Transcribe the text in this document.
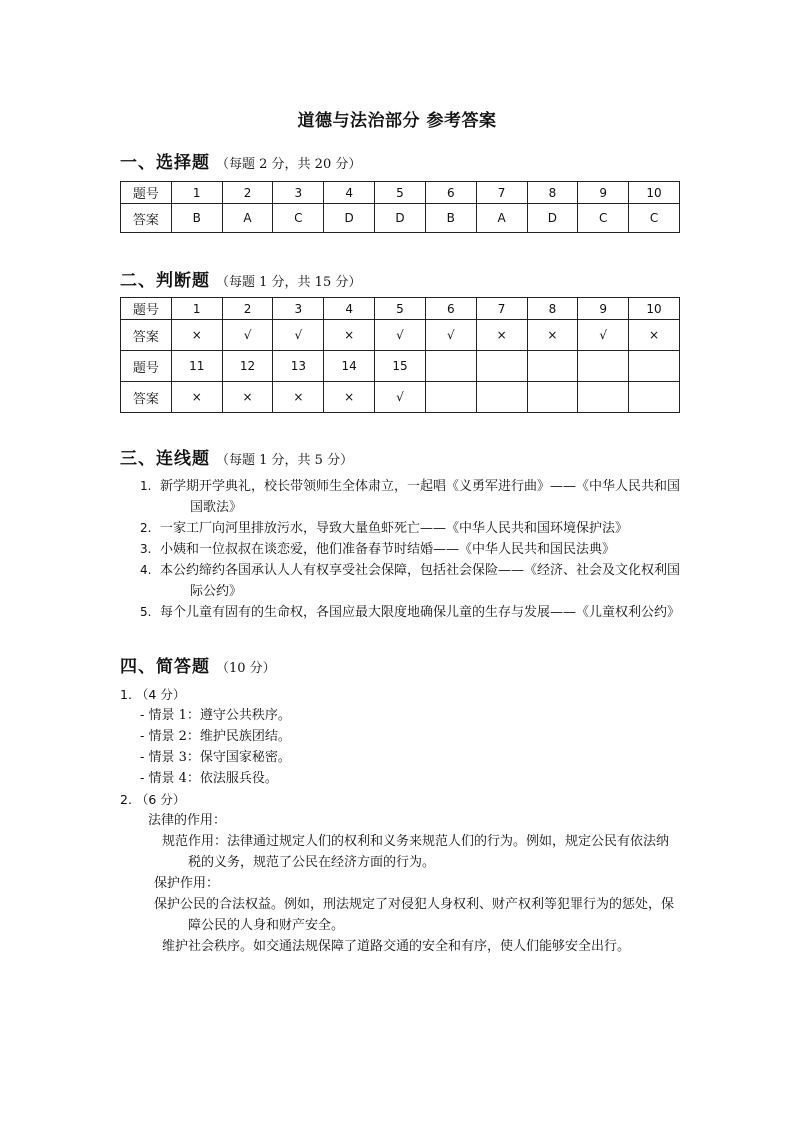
道德与法治部分 参考答案
一、选择题 （每题 2 分，共 20 分）
题号	1	2	3	4	5	6	7	8	9	10
答案	B	A	C	D	D	B	A	D	C	C
二、判断题 （每题 1 分，共 15 分）
题号	1	2	3	4	5	6	7	8	9	10
答案	×	√	√	×	√	√	×	×	√	×
题号	11	12	13	14	15					
答案	×	×	×	×	√					
三、连线题 （每题 1 分，共 5 分）
1. 新学期开学典礼，校长带领师生全体肃立，一起唱《义勇军进行曲》——《中华人民共和国国歌法》
2. 一家工厂向河里排放污水，导致大量鱼虾死亡——《中华人民共和国环境保护法》
3. 小姨和一位叔叔在谈恋爱，他们准备春节时结婚——《中华人民共和国民法典》
4. 本公约缔约各国承认人人有权享受社会保障，包括社会保险——《经济、社会及文化权利国际公约》
5. 每个儿童有固有的生命权，各国应最大限度地确保儿童的生存与发展——《儿童权利公约》
四、简答题 （10 分）
1. （4 分）
- 情景 1：遵守公共秩序。
- 情景 2：维护民族团结。
- 情景 3：保守国家秘密。
- 情景 4：依法服兵役。
2. （6 分）
法律的作用：
规范作用：法律通过规定人们的权利和义务来规范人们的行为。例如，规定公民有依法纳税的义务，规范了公民在经济方面的行为。
保护作用：
保护公民的合法权益。例如，刑法规定了对侵犯人身权利、财产权利等犯罪行为的惩处，保障公民的人身和财产安全。
维护社会秩序。如交通法规保障了道路交通的安全和有序，使人们能够安全出行。
